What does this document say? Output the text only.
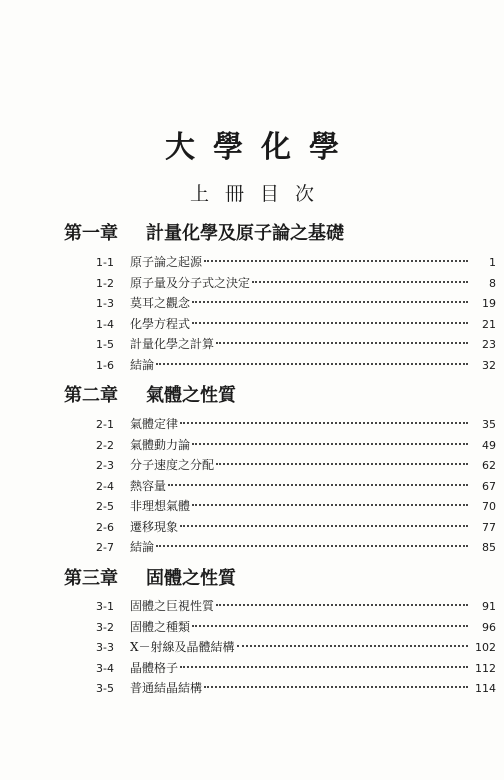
大學化學
上冊目次
第一章 計量化學及原子論之基礎
1-1	原子論之起源	1
1-2	原子量及分子式之決定	8
1-3	莫耳之觀念	19
1-4	化學方程式	21
1-5	計量化學之計算	23
1-6	結論	32
第二章 氣體之性質
2-1	氣體定律	35
2-2	氣體動力論	49
2-3	分子速度之分配	62
2-4	熱容量	67
2-5	非理想氣體	70
2-6	遷移現象	77
2-7	結論	85
第三章 固體之性質
3-1	固體之巨視性質	91
3-2	固體之種類	96
3-3	X－射線及晶體結構	102
3-4	晶體格子	112
3-5	普通結晶結構	114
